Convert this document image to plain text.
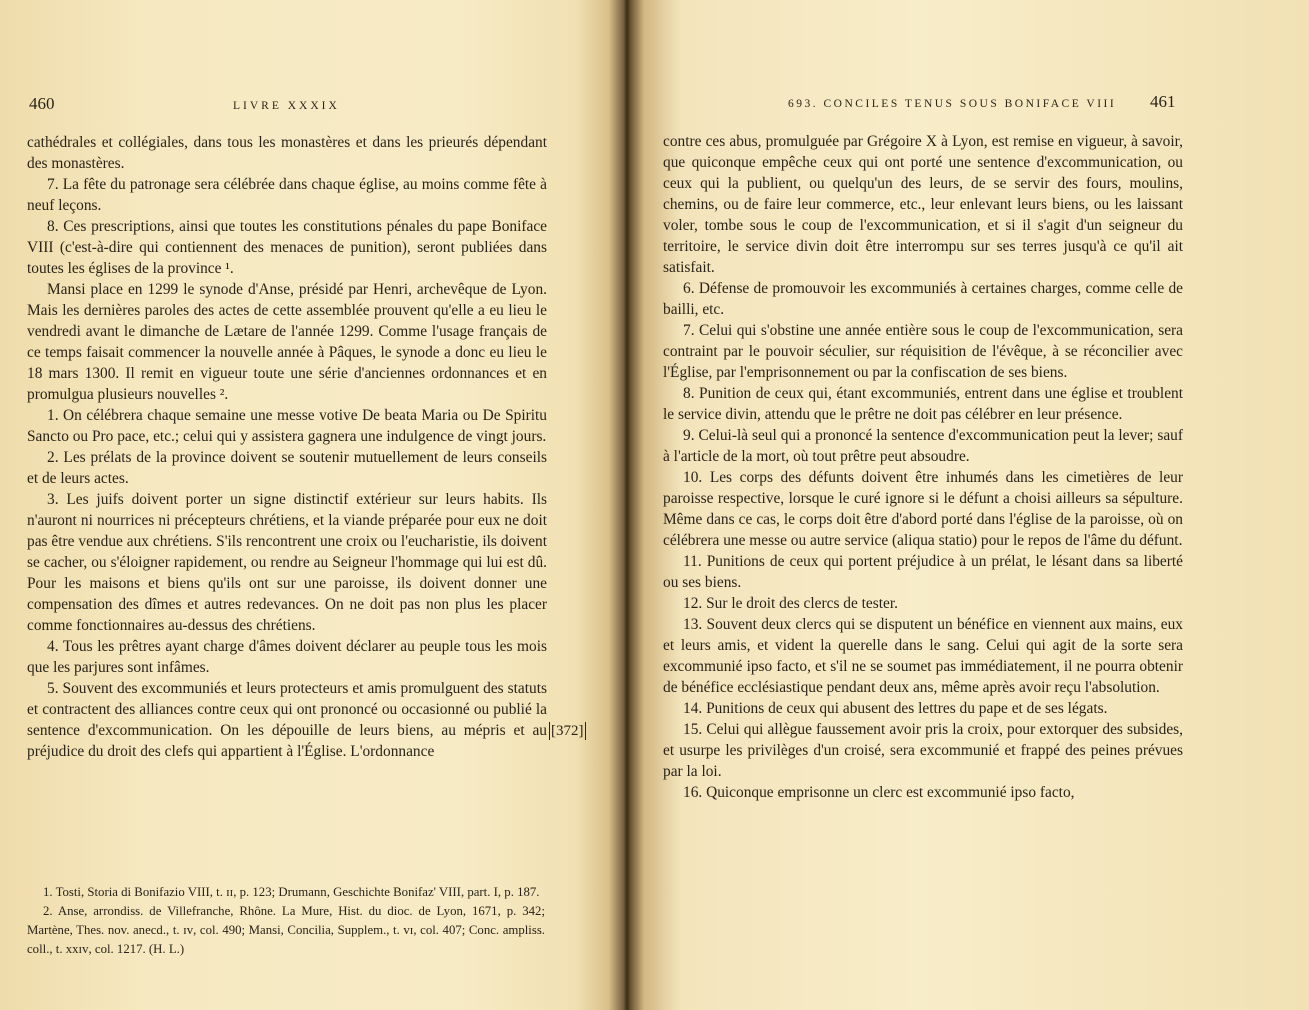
460	LIVRE XXXIX

cathédrales et collégiales, dans tous les monastères et dans les prieurés dépendant des monastères.

7. La fête du patronage sera célébrée dans chaque église, au moins comme fête à neuf leçons.

8. Ces prescriptions, ainsi que toutes les constitutions pénales du pape Boniface VIII (c'est-à-dire qui contiennent des menaces de punition), seront publiées dans toutes les églises de la province ¹.

Mansi place en 1299 le synode d'Anse, présidé par Henri, archevêque de Lyon. Mais les dernières paroles des actes de cette assemblée prouvent qu'elle a eu lieu le vendredi avant le dimanche de Lætare de l'année 1299. Comme l'usage français de ce temps faisait commencer la nouvelle année à Pâques, le synode a donc eu lieu le 18 mars 1300. Il remit en vigueur toute une série d'anciennes ordonnances et en promulgua plusieurs nouvelles ².

1. On célébrera chaque semaine une messe votive De beata Maria ou De Spiritu Sancto ou Pro pace, etc.; celui qui y assistera gagnera une indulgence de vingt jours.

2. Les prélats de la province doivent se soutenir mutuellement de leurs conseils et de leurs actes.

3. Les juifs doivent porter un signe distinctif extérieur sur leurs habits. Ils n'auront ni nourrices ni précepteurs chrétiens, et la viande préparée pour eux ne doit pas être vendue aux chrétiens. S'ils rencontrent une croix ou l'eucharistie, ils doivent se cacher, ou s'éloigner rapidement, ou rendre au Seigneur l'hommage qui lui est dû. Pour les maisons et biens qu'ils ont sur une paroisse, ils doivent donner une compensation des dîmes et autres redevances. On ne doit pas non plus les placer comme fonctionnaires au-dessus des chrétiens.

4. Tous les prêtres ayant charge d'âmes doivent déclarer au peuple tous les mois que les parjures sont infâmes.

5. Souvent des excommuniés et leurs protecteurs et amis promulguent des statuts et contractent des alliances contre ceux qui ont prononcé ou occasionné ou publié la sentence d'excommunication. On les dépouille de leurs biens, au mépris et au préjudice du droit des clefs qui appartient à l'Église. L'ordonnance

[372]

1. Tosti, Storia di Bonifazio VIII, t. ɪɪ, p. 123; Drumann, Geschichte Bonifaz' VIII, part. I, p. 187.

2. Anse, arrondiss. de Villefranche, Rhône. La Mure, Hist. du dioc. de Lyon, 1671, p. 342; Martène, Thes. nov. anecd., t. ɪᴠ, col. 490; Mansi, Concilia, Supplem., t. ᴠɪ, col. 407; Conc. ampliss. coll., t. xxɪᴠ, col. 1217. (H. L.)

693. CONCILES TENUS SOUS BONIFACE VIII 461

contre ces abus, promulguée par Grégoire X à Lyon, est remise en vigueur, à savoir, que quiconque empêche ceux qui ont porté une sentence d'excommunication, ou ceux qui la publient, ou quelqu'un des leurs, de se servir des fours, moulins, chemins, ou de faire leur commerce, etc., leur enlevant leurs biens, ou les laissant voler, tombe sous le coup de l'excommunication, et si il s'agit d'un seigneur du territoire, le service divin doit être interrompu sur ses terres jusqu'à ce qu'il ait satisfait.

6. Défense de promouvoir les excommuniés à certaines charges, comme celle de bailli, etc.

7. Celui qui s'obstine une année entière sous le coup de l'excommunication, sera contraint par le pouvoir séculier, sur réquisition de l'évêque, à se réconcilier avec l'Église, par l'emprisonnement ou par la confiscation de ses biens.

8. Punition de ceux qui, étant excommuniés, entrent dans une église et troublent le service divin, attendu que le prêtre ne doit pas célébrer en leur présence.

9. Celui-là seul qui a prononcé la sentence d'excommunication peut la lever; sauf à l'article de la mort, où tout prêtre peut absoudre.

10. Les corps des défunts doivent être inhumés dans les cimetières de leur paroisse respective, lorsque le curé ignore si le défunt a choisi ailleurs sa sépulture. Même dans ce cas, le corps doit être d'abord porté dans l'église de la paroisse, où on célébrera une messe ou autre service (aliqua statio) pour le repos de l'âme du défunt.

11. Punitions de ceux qui portent préjudice à un prélat, le lésant dans sa liberté ou ses biens.

12. Sur le droit des clercs de tester.

13. Souvent deux clercs qui se disputent un bénéfice en viennent aux mains, eux et leurs amis, et vident la querelle dans le sang. Celui qui agit de la sorte sera excommunié ipso facto, et s'il ne se soumet pas immédiatement, il ne pourra obtenir de bénéfice ecclésiastique pendant deux ans, même après avoir reçu l'absolution.

14. Punitions de ceux qui abusent des lettres du pape et de ses légats.

15. Celui qui allègue faussement avoir pris la croix, pour extorquer des subsides, et usurpe les privilèges d'un croisé, sera excommunié et frappé des peines prévues par la loi.

16. Quiconque emprisonne un clerc est excommunié ipso facto,
